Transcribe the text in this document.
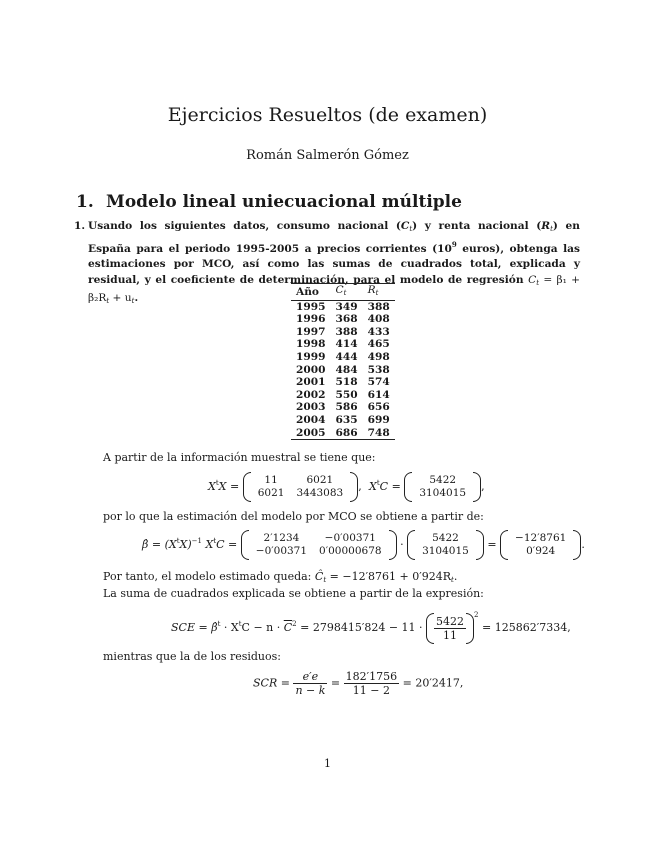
Ejercicios Resueltos (de examen)
Román Salmerón Gómez
1. Modelo lineal uniecuacional múltiple
1. Usando los siguientes datos, consumo nacional $(C_t)$ y renta nacional $(R_t)$ en España para el periodo 1995-2005 a precios corrientes ($10^9$ euros), obtenga las estimaciones por MCO, así como las sumas de cuadrados total, explicada y residual, y el coeficiente de determinación, para el modelo de regresión $C_t = \beta_1 + \beta_2R_t + u_t$.
Año	$C_t$	$R_t$
1995	349	388
1996	368	408
1997	388	433
1998	414	465
1999	444	498
2000	484	538
2001	518	574
2002	550	614
2003	586	656
2004	635	699
2005	686	748
A partir de la información muestral se tiene que:
$X^tX = 11$	6021
6021	3443083 , $X^tC$ =	5422
3104015 ,
por lo que la estimación del modelo por MCO se obtiene a partir de:
β̂ = $(X^tX)^{-1}$ $X^tC = 2'1234$	−0′00371
−0′00371	0′00000678 ·	5422
3104015 = −12′8761
0′924 .
Por tanto, el modelo estimado queda: $Ĉ_t = -12'8761 + 0'924R_t$.
La suma de cuadrados explicada se obtiene a partir de la expresión:
SCE = β̂$^t$ · $X^tC - n \cdot \overline{C}^2 = 2798415'824 - 11 \cdot \frac{5422}{11} ^2 = 125862'7334$,
mientras que la de los residuos:
SCR = $\frac{e'e}{n - k} = \frac{182'1756}{11 - 2} = 20'2417$,
1
